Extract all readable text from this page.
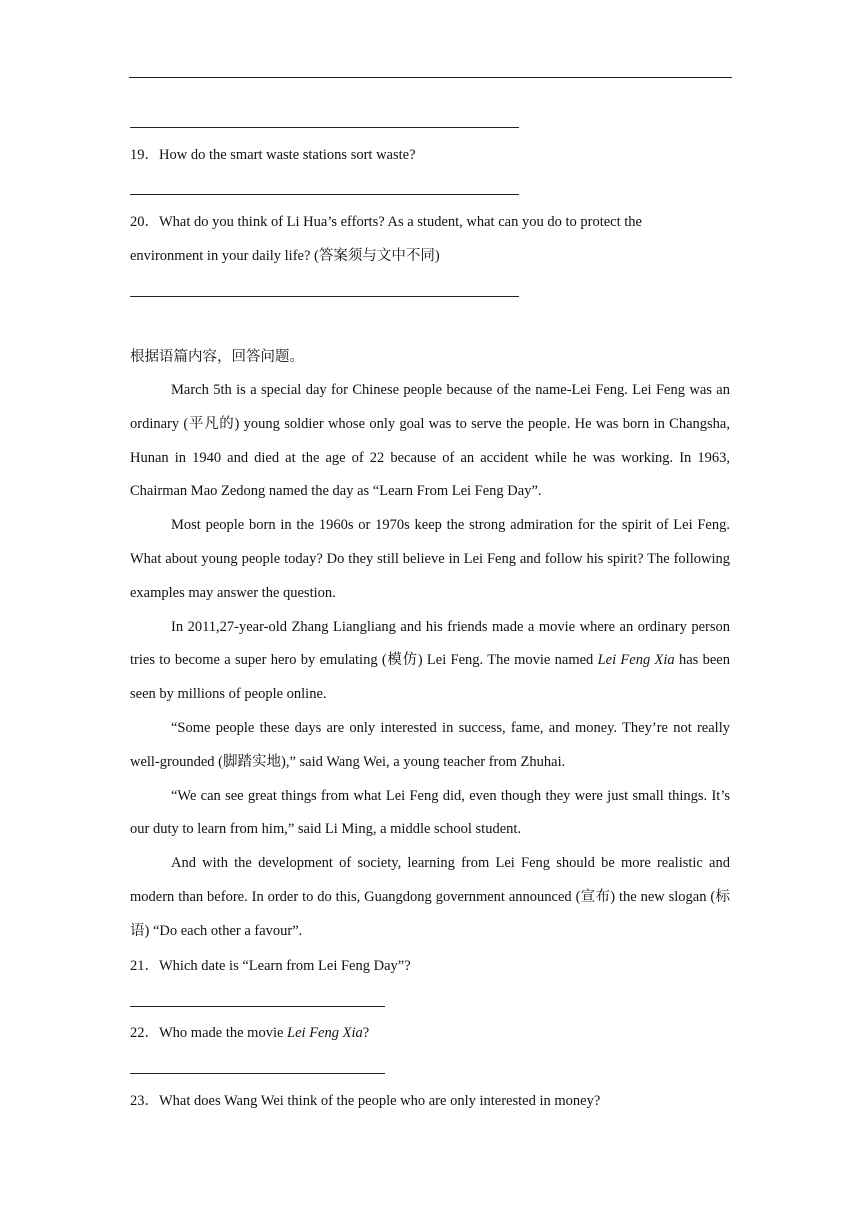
19．How do the smart waste stations sort waste?
20．What do you think of Li Hua’s efforts? As a student, what can you do to protect the
environment in your daily life? (答案须与文中不同)
根据语篇内容，回答问题。

March 5th is a special day for Chinese people because of the name-Lei Feng. Lei Feng was an ordinary (平凡的) young soldier whose only goal was to serve the people. He was born in Changsha, Hunan in 1940 and died at the age of 22 because of an accident while he was working. In 1963, Chairman Mao Zedong named the day as “Learn From Lei Feng Day”.

Most people born in the 1960s or 1970s keep the strong admiration for the spirit of Lei Feng. What about young people today? Do they still believe in Lei Feng and follow his spirit? The following examples may answer the question.

In 2011,27-year-old Zhang Liangliang and his friends made a movie where an ordinary person tries to become a super hero by emulating (模仿) Lei Feng. The movie named Lei Feng Xia has been seen by millions of people online.

“Some people these days are only interested in success, fame, and money. They’re not really well-grounded (脚踏实地),” said Wang Wei, a young teacher from Zhuhai.

“We can see great things from what Lei Feng did, even though they were just small things. It’s our duty to learn from him,” said Li Ming, a middle school student.

And with the development of society, learning from Lei Feng should be more realistic and modern than before. In order to do this, Guangdong government announced (宣布) the new slogan (标语) “Do each other a favour”.

21．Which date is “Learn from Lei Feng Day”?
22．Who made the movie Lei Feng Xia?
23．What does Wang Wei think of the people who are only interested in money?
